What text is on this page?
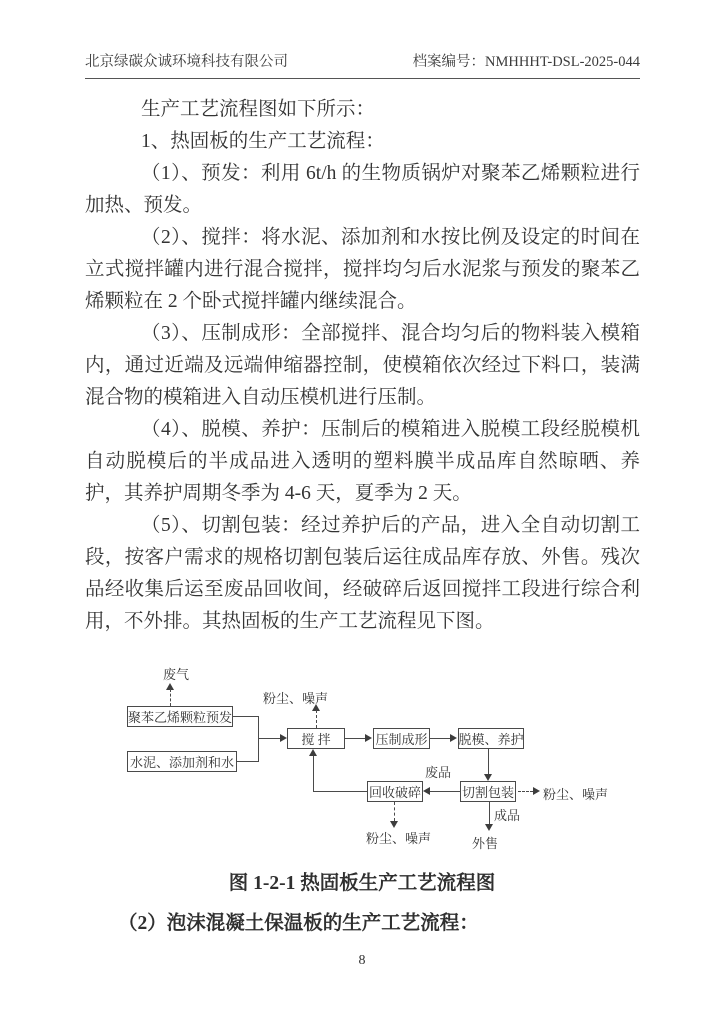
北京绿碳众诚环境科技有限公司	档案编号：NMHHHT-DSL-2025-044

生产工艺流程图如下所示：

1、热固板的生产工艺流程：

（1）、预发：利用 6t/h 的生物质锅炉对聚苯乙烯颗粒进行加热、预发。

（2）、搅拌：将水泥、添加剂和水按比例及设定的时间在立式搅拌罐内进行混合搅拌，搅拌均匀后水泥浆与预发的聚苯乙烯颗粒在 2 个卧式搅拌罐内继续混合。

（3）、压制成形：全部搅拌、混合均匀后的物料装入模箱内，通过近端及远端伸缩器控制，使模箱依次经过下料口，装满混合物的模箱进入自动压模机进行压制。

（4）、脱模、养护：压制后的模箱进入脱模工段经脱模机自动脱模后的半成品进入透明的塑料膜半成品库自然晾晒、养护，其养护周期冬季为 4-6 天，夏季为 2 天。

（5）、切割包装：经过养护后的产品，进入全自动切割工段，按客户需求的规格切割包装后运往成品库存放、外售。残次品经收集后运至废品回收间，经破碎后返回搅拌工段进行综合利用，不外排。其热固板的生产工艺流程见下图。

废气
聚苯乙烯颗粒预发
水泥、添加剂和水
粉尘、噪声
搅 拌	压制成形 脱模、养护
废品
切割包装
回收破碎
粉尘、噪声
粉尘、噪声
成品
外售
图 1-2-1 热固板生产工艺流程图
（2）泡沫混凝土保温板的生产工艺流程：
8
